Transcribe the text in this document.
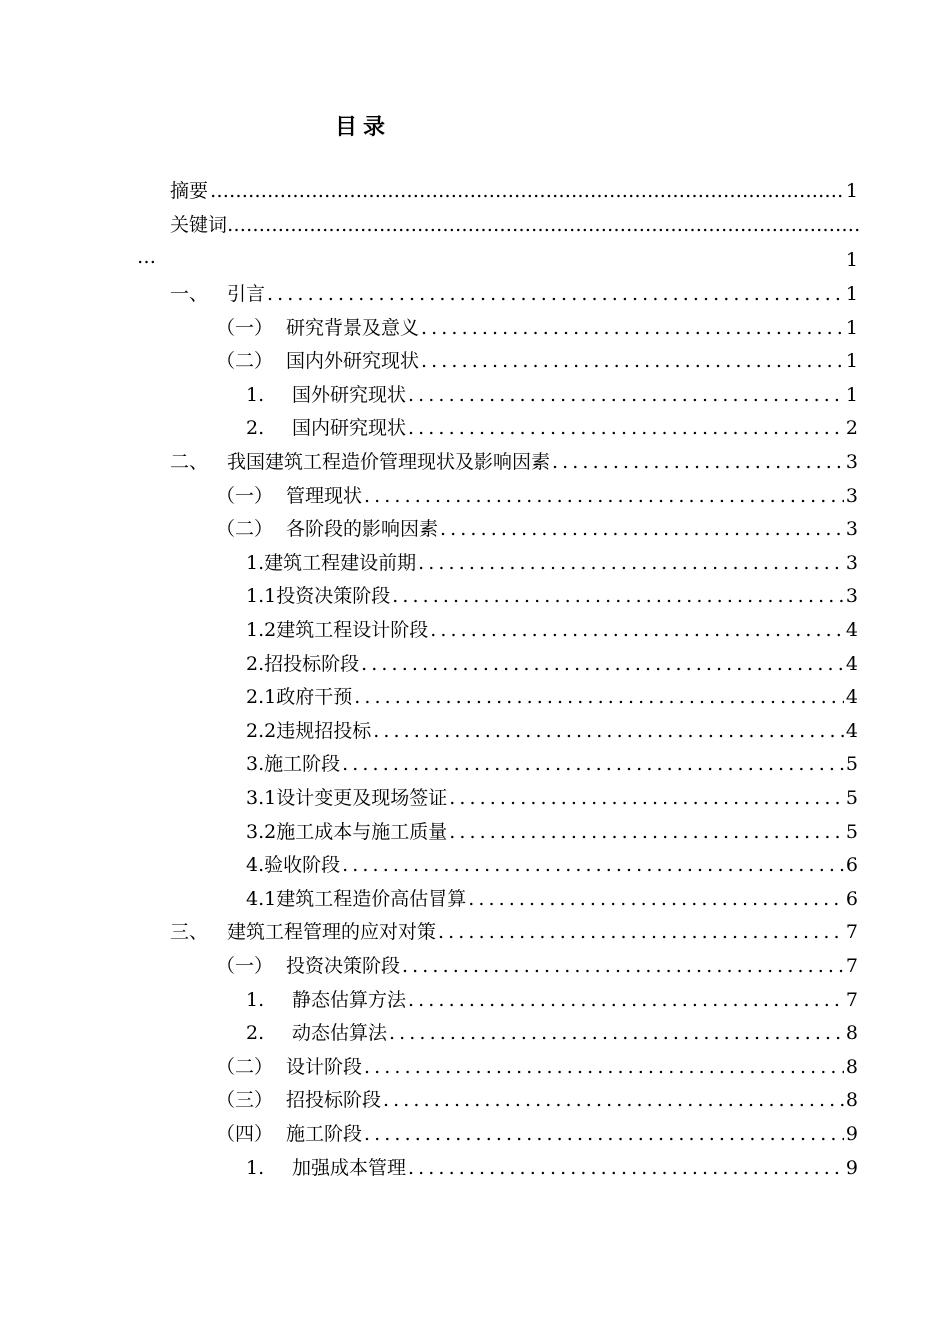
目录
摘要 …………………………………………………………………………………………………………………………………………………………………	1
关键词 …………………………………………………………………………………………………………………………………………
…	1
一、 引言 .....	1
（一） 研究背景及意义 .....	1
（二） 国内外研究现状 .....	1
1.	国外研究现状 .....	1
2.	国内研究现状 .....	2
二、 我国建筑工程造价管理现状及影响因素 .....	3
（一） 管理现状 .....	3
（二） 各阶段的影响因素 .....	3
1.建筑工程建设前期 .....	3
1.1投资决策阶段 .....	3
1.2建筑工程设计阶段 .....	4
2.招投标阶段 .....	4
2.1政府干预 .....	4
2.2违规招投标 .....	4
3.施工阶段 .....	5
3.1设计变更及现场签证 .....	5
3.2施工成本与施工质量 .....	5
4.验收阶段 .....	6
4.1建筑工程造价高估冒算 .....	6
三、 建筑工程管理的应对对策 .....	7
（一） 投资决策阶段 .....	7
1.	静态估算方法 .....	7
2.	动态估算法 .....	8
（二） 设计阶段 .....	8
（三） 招投标阶段 .....	8
（四） 施工阶段 .....	9
1.	加强成本管理 .....	9
